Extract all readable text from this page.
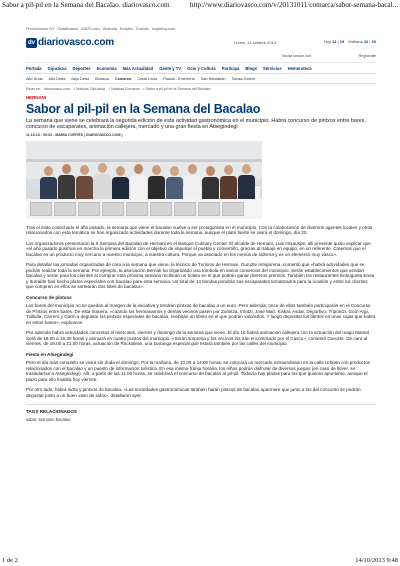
Sabor a pil-pil en la Semana del Bacalao. diariovasco.com	http://www.diariovasco.com/v/20131011/comarca/sabor-semana-bacal...
Promociones DV Clasificados 11870.com Vivienda Empleo Coches mujerhoy.com
dv diariovasco.com	Lunes, 14 octubre 2013	Hoy 12 | 19 Mañana 12 | 20
Iniciar sesión con	Regístrate
Portada Gipuzkoa Deportes Economía Más Actualidad Gente y TV Ocio y Cultura Participa Blogs Servicios Hemeroteca
Alto Urola Alto Deba Bajo Deba Bidasoa Comarca Costa Urola Pasaia - Errenteria San Sebastián Tolosa-Goierri
Estás en: diariovasco.com > Noticias Gipuzkoa > Noticias Comarca > Sabor a pil-pil en la Semana del Bacalao
HERNANI
Sabor al pil-pil en la Semana del Bacalao
La semana que viene se celebrará la segunda edición de esta actividad gastronómica en el municipio. Habrá concurso de pintxos entre bares, concurso de escaparates, animación callejera, mercado y una gran fiesta en Atsegindegi
11.10.13 - 00:02 - MARÍA CORTÉS | DIARIOVASCO.COM |

Tras el éxito cosechado el año pasado, la semana que viene el bacalao vuelve a ser protagonista en el municipio. Con la colaboración de diversos agentes locales y otros relacionados con esta temática se han organizado actividades durante toda la semana, aunque el plato fuerte se vivirá el domingo, día 20.

Los organizadores presentaron la II Semana del Bacalao de Hernani en el Basque Culinary Center. El alcalde de Hernani, Luis Intxauspe, alli presente quiso explicar que «el año pasado pusimos en marcha la primera edición con el objetivo de impulsar el pueblo y convertirlo, gracias al trabajo en equipo, en un referente. Creemos que el bacalao es un producto muy cercano a nuestro municipio, a nuestra cultura. Porque va asociado en los menús de sidrería y es un elemento muy vasco».

Para detallar las jornadas organizadas de cara a la semana que viene, la técnico de Turismo de Hernani, Guruzte Amigorena, comentó que «habrá actividades que se podrán realizar toda la semana. Por ejemplo, la asociación Berriak ha organizado una tómbola en varios comercios del municipio. Serán establecimientos que vendan bacalao y serán para los clientes al comprar esta próxima semana recibirán un boleto en el que podrán ganar diversos premios. También los restaurantes Enbugueta Enea y Iturralde han hecho platos especiales con bacalao para esta semana. Un total de 14 tiendas pondrán sus escaparates tematizados para la ocasión y entre los clientes que compren en ellos se sortearán dos lotes de bacalao».

Concurso de pintxos

Los bares del municipio no se quedan al margen de la iniciativa y tendrán pintxos de bacalao a un euro. Pero además, once de ellos también participarán en el Concurso de Pintxos entre bares. De esta manera, «cuando los hermanamos y demás vecinos pasen por Zumitza, Irrintzi, Jose Mari, Kiskal, Asdar, Deportivo, Tripontzi, Goiz-Argi, Txillidia, Carrero y Garin a degustar los pintxos especiales de bacalao, recibirán un librito en el que podrán valorarlos. Y luego depositar los libritos en unas cajas que habrá en estos bares», explicaron.

Por además habrá actividades concretas el miércoles, viernes y domingo de la semana que viene. El día 16 habrá animación callejera con la actuación del mago Marsel. Será de 18.00 a 19.30 horas y animará en cuatro puntos del municipio. «Serán sorpresa y los vecinos los irán encontrando por el Casco», comentó Guruzte. De cara al viernes, de 19.00 a 21.00 horas, actuación de Rockalean, una txaranga especial que estará también por las calles del municipio.

Fiesta en Atsegindegi

Pero el día más completo se vivirá sin duda el domingo. Por la mañana, de 10.00 a 14.00 horas, se colocará un mercado extraordinario en la calle Urbieta con productos relacionados con el bacalao y un puesto de información turística. En esa misma franja horaria, los niños podrán disfrutar de diversos juegos (en caso de llover, se trasladarían a Atsegindegi). Allí, a partir de las 11.00 horas, se celebrará el concurso de bacalao al pil-pil. Todavía hay plazas para los que quieran apuntarse, aunque el plazo para ello finaliza hoy viernes.

Por otro lado, habrá sidra y pintxos de bacalao. «Las sociedades gastronómicas también harán pintxos de bacalao aparmere que junto a los del concurso se podrán degustar junto a un buen vaso de sidra», detallaron ayer.

TAGS RELACIONADOS
sabor, semana, bacalao
1 de 2	14/10/2013 9:48
